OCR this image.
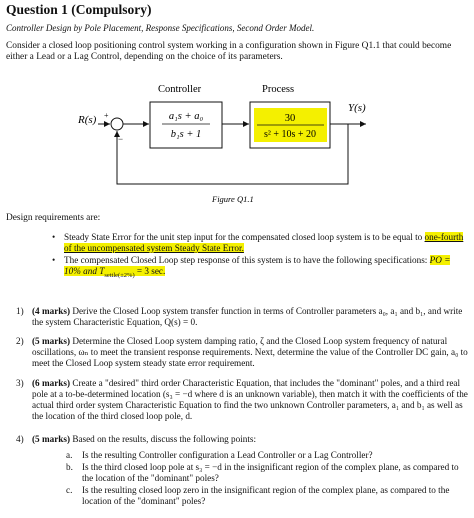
Question 1 (Compulsory)
Controller Design by Pole Placement, Response Specifications, Second Order Model.
Consider a closed loop positioning control system working in a configuration shown in Figure Q1.1 that could become either a Lead or a Lag Control, depending on the choice of its parameters.
Controller	Process
R(s)
Y(s)
+
−
a₁s + a₀
b₁s + 1
30
s² + 10s + 20
Figure Q1.1
Design requirements are:
• Steady State Error for the unit step input for the compensated closed loop system is to be equal to one-fourth of the uncompensated system Steady State Error.
• The compensated Closed Loop step response of this system is to have the following specifications: PO = 10% and $T_{settle(\pm 2\%)} = 3$ sec.
1) (4 marks) Derive the Closed Loop system transfer function in terms of Controller parameters a₀, a₁ and b₁, and write the system Characteristic Equation, Q(s) = 0.
2) (5 marks) Determine the Closed Loop system damping ratio, ζ and the Closed Loop system frequency of natural oscillations, ωₙ to meet the transient response requirements. Next, determine the value of the Controller DC gain, a₀ to meet the Closed Loop system steady state error requirement.
3) (6 marks) Create a "desired" third order Characteristic Equation, that includes the "dominant" poles, and a third real pole at a to-be-determined location (s₃ = −d where d is an unknown variable), then match it with the coefficients of the actual third order system Characteristic Equation to find the two unknown Controller parameters, a₁ and b₁ as well as the location of the third closed loop pole, d.
4) (5 marks) Based on the results, discuss the following points:
a. Is the resulting Controller configuration a Lead Controller or a Lag Controller?
b. Is the third closed loop pole at s₃ = −d in the insignificant region of the complex plane, as compared to the location of the "dominant" poles?
c. Is the resulting closed loop zero in the insignificant region of the complex plane, as compared to the location of the "dominant" poles?
